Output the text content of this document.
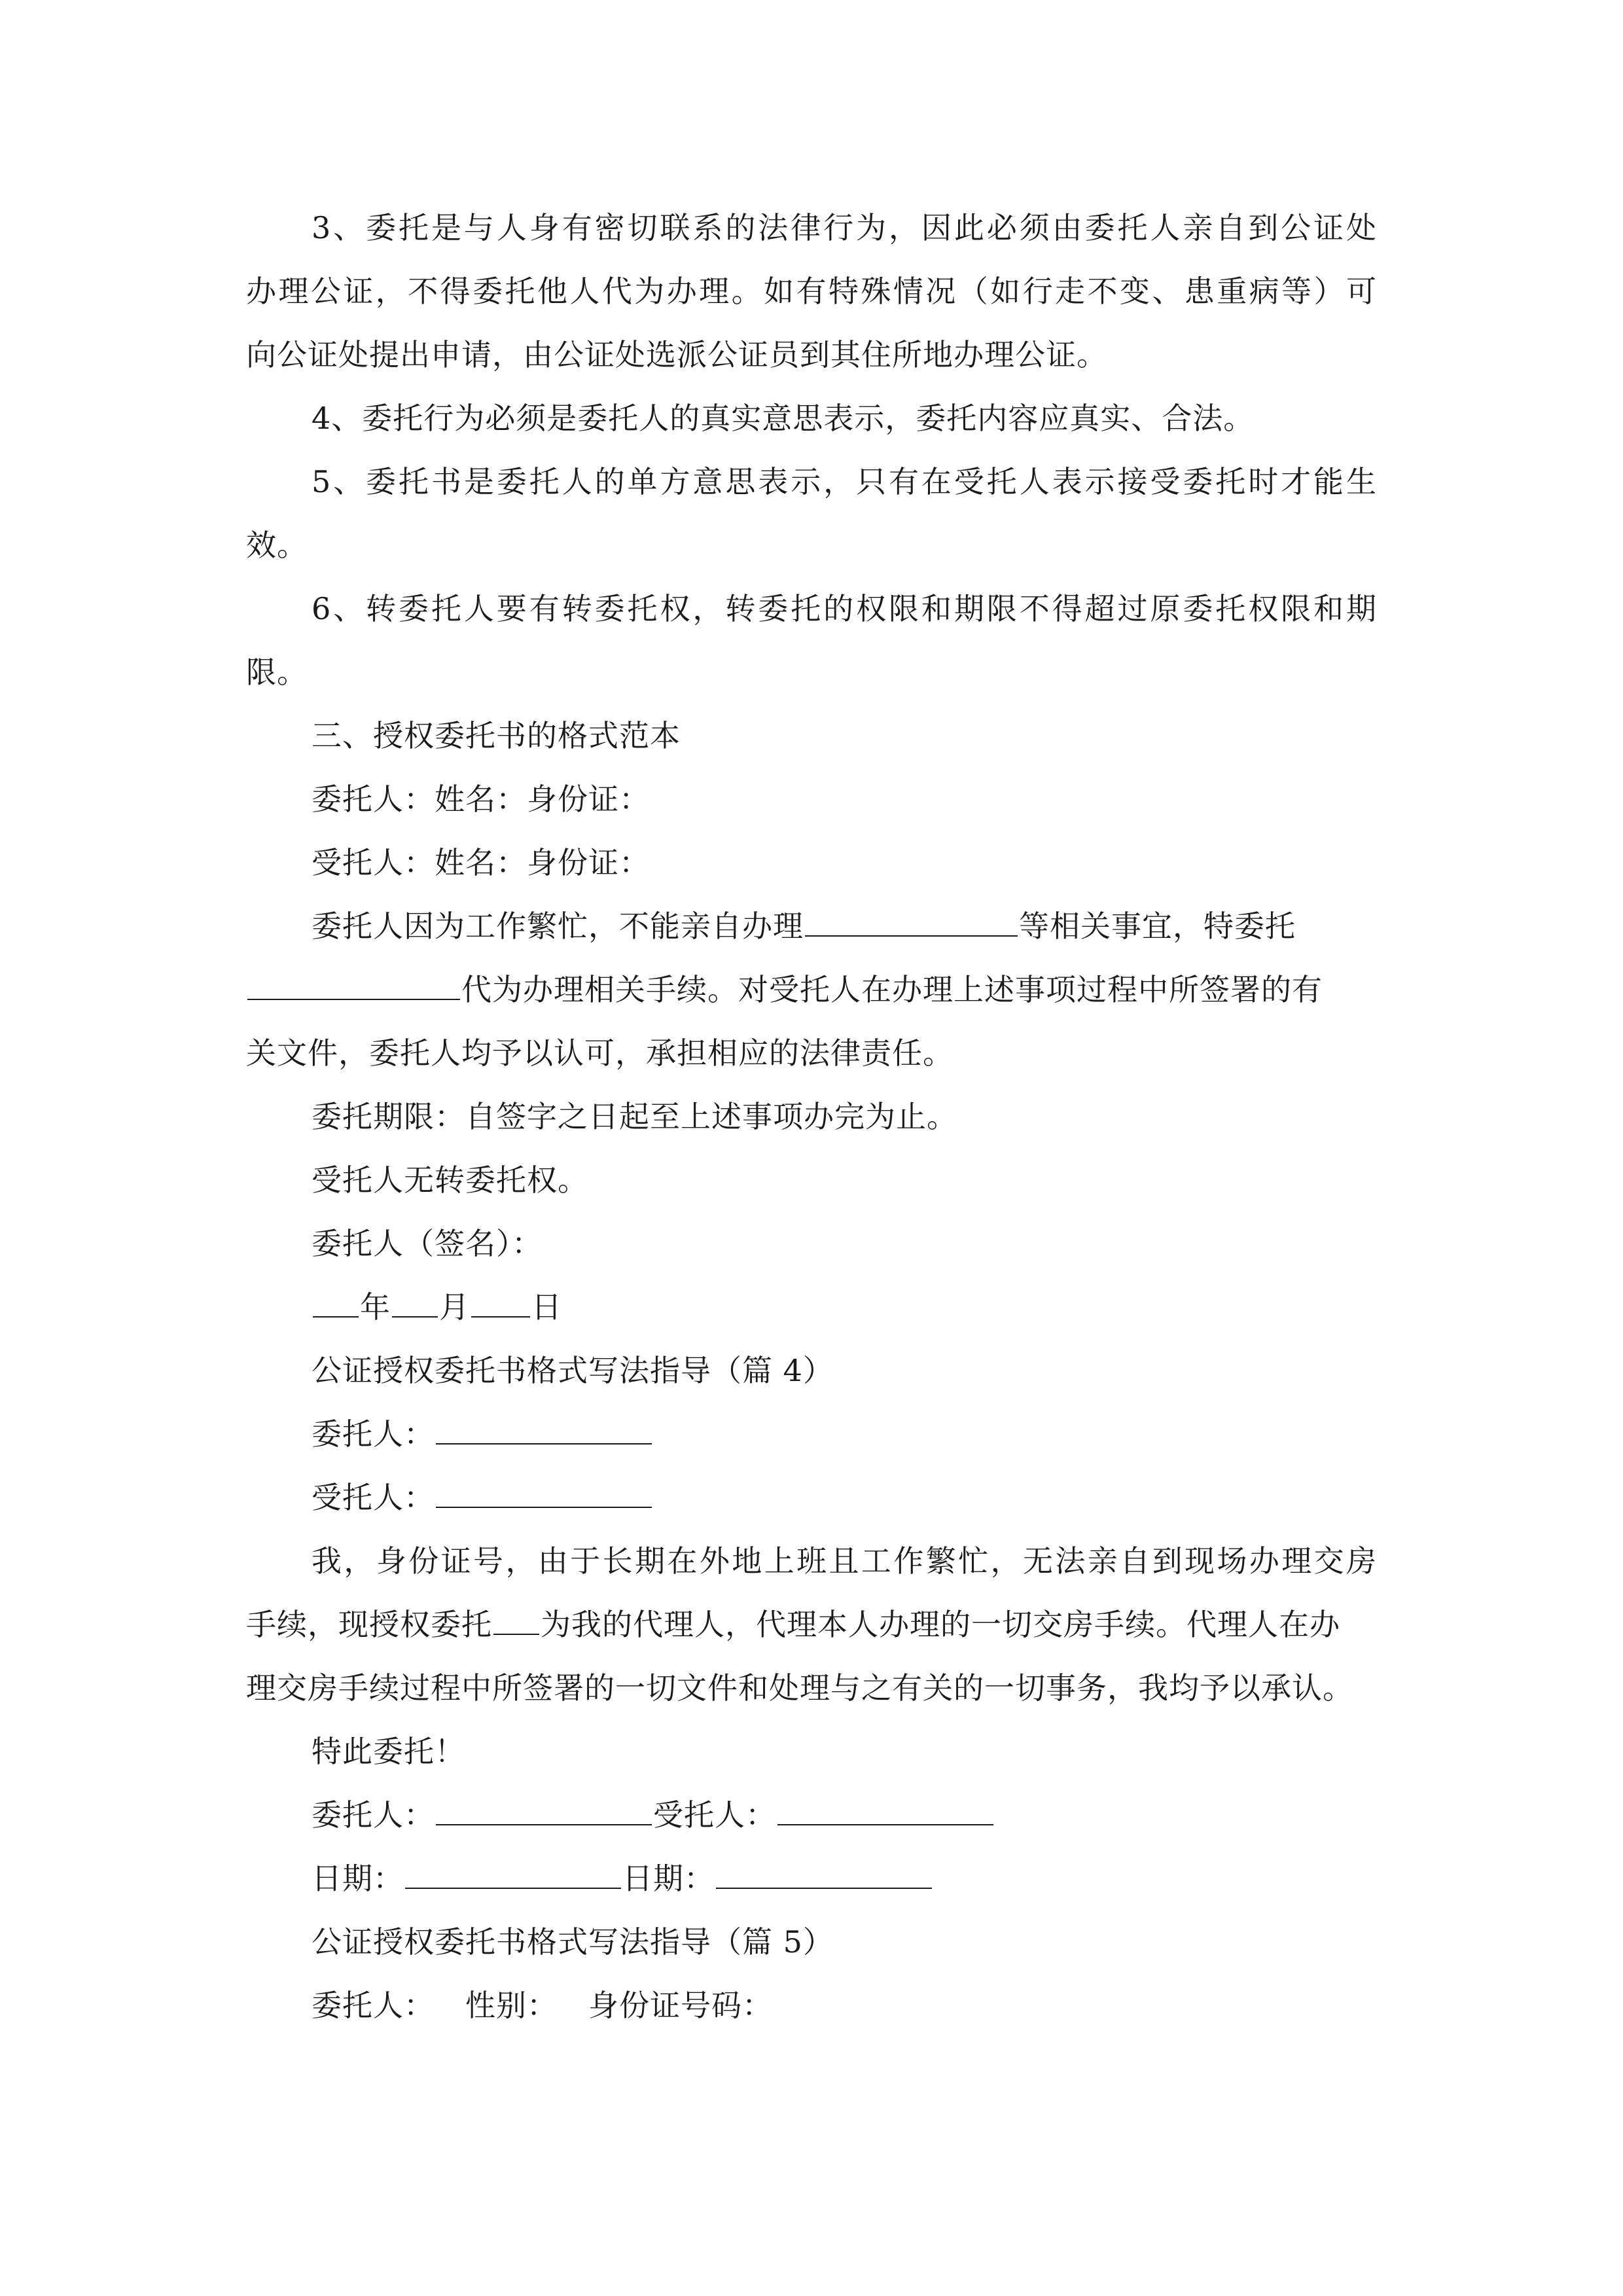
3、委托是与人身有密切联系的法律行为，因此必须由委托人亲自到公证处
办理公证，不得委托他人代为办理。如有特殊情况（如行走不变、患重病等）可
向公证处提出申请，由公证处选派公证员到其住所地办理公证。
4、委托行为必须是委托人的真实意思表示，委托内容应真实、合法。
5、委托书是委托人的单方意思表示，只有在受托人表示接受委托时才能生
效。
6、转委托人要有转委托权，转委托的权限和期限不得超过原委托权限和期
限。
三、授权委托书的格式范本
委托人：姓名：身份证：
受托人：姓名：身份证：
委托人因为工作繁忙，不能亲自办理	等相关事宜，特委托
代为办理相关手续。对受托人在办理上述事项过程中所签署的有
关文件，委托人均予以认可，承担相应的法律责任。
委托期限：自签字之日起至上述事项办完为止。
受托人无转委托权。
委托人（签名）：
年 月 日
公证授权委托书格式写法指导（篇 4）
委托人：
受托人：
我，身份证号，由于长期在外地上班且工作繁忙，无法亲自到现场办理交房
手续，现授权委托 为我的代理人，代理本人办理的一切交房手续。代理人在办
理交房手续过程中所签署的一切文件和处理与之有关的一切事务，我均予以承认。
特此委托！
委托人：	受托人：
日期：	日期：
公证授权委托书格式写法指导（篇 5）
委托人：  性别：  身份证号码：
